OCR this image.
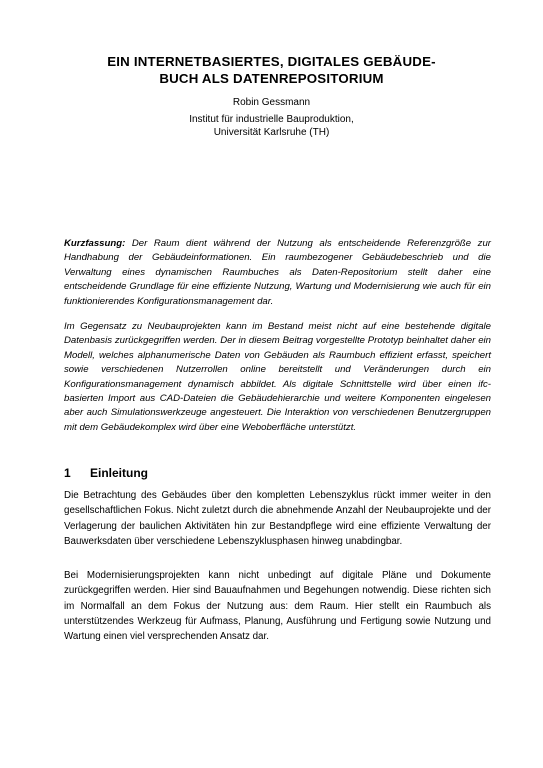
EIN INTERNETBASIERTES, DIGITALES GEBÄUDE-
BUCH ALS DATENREPOSITORIUM
Robin Gessmann
Institut für industrielle Bauproduktion,
Universität Karlsruhe (TH)

Kurzfassung: Der Raum dient während der Nutzung als entscheidende Referenzgröße zur Handhabung der Gebäudeinformationen. Ein raumbezogener Gebäudebeschrieb und die Verwaltung eines dynamischen Raumbuches als Daten-Repositorium stellt daher eine entscheidende Grundlage für eine effiziente Nutzung, Wartung und Modernisierung wie auch für ein funktionierendes Konfigurationsmanagement dar.

Im Gegensatz zu Neubauprojekten kann im Bestand meist nicht auf eine bestehende digitale Datenbasis zurückgegriffen werden. Der in diesem Beitrag vorgestellte Prototyp beinhaltet daher ein Modell, welches alphanumerische Daten von Gebäuden als Raumbuch effizient erfasst, speichert sowie verschiedenen Nutzerrollen online bereitstellt und Veränderungen durch ein Konfigurationsmanagement dynamisch abbildet. Als digitale Schnittstelle wird über einen ifc-basierten Import aus CAD-Dateien die Gebäudehierarchie und weitere Komponenten eingelesen aber auch Simulationswerkzeuge angesteuert. Die Interaktion von verschiedenen Benutzergruppen mit dem Gebäudekomplex wird über eine Weboberfläche unterstützt.

1 Einleitung

Die Betrachtung des Gebäudes über den kompletten Lebenszyklus rückt immer weiter in den gesellschaftlichen Fokus. Nicht zuletzt durch die abnehmende Anzahl der Neubauprojekte und der Verlagerung der baulichen Aktivitäten hin zur Bestandpflege wird eine effiziente Verwaltung der Bauwerksdaten über verschiedene Lebenszyklusphasen hinweg unabdingbar.

Bei Modernisierungsprojekten kann nicht unbedingt auf digitale Pläne und Dokumente zurückgegriffen werden. Hier sind Bauaufnahmen und Begehungen notwendig. Diese richten sich im Normalfall an dem Fokus der Nutzung aus: dem Raum. Hier stellt ein Raumbuch als unterstützendes Werkzeug für Aufmass, Planung, Ausführung und Fertigung sowie Nutzung und Wartung einen viel versprechenden Ansatz dar.
